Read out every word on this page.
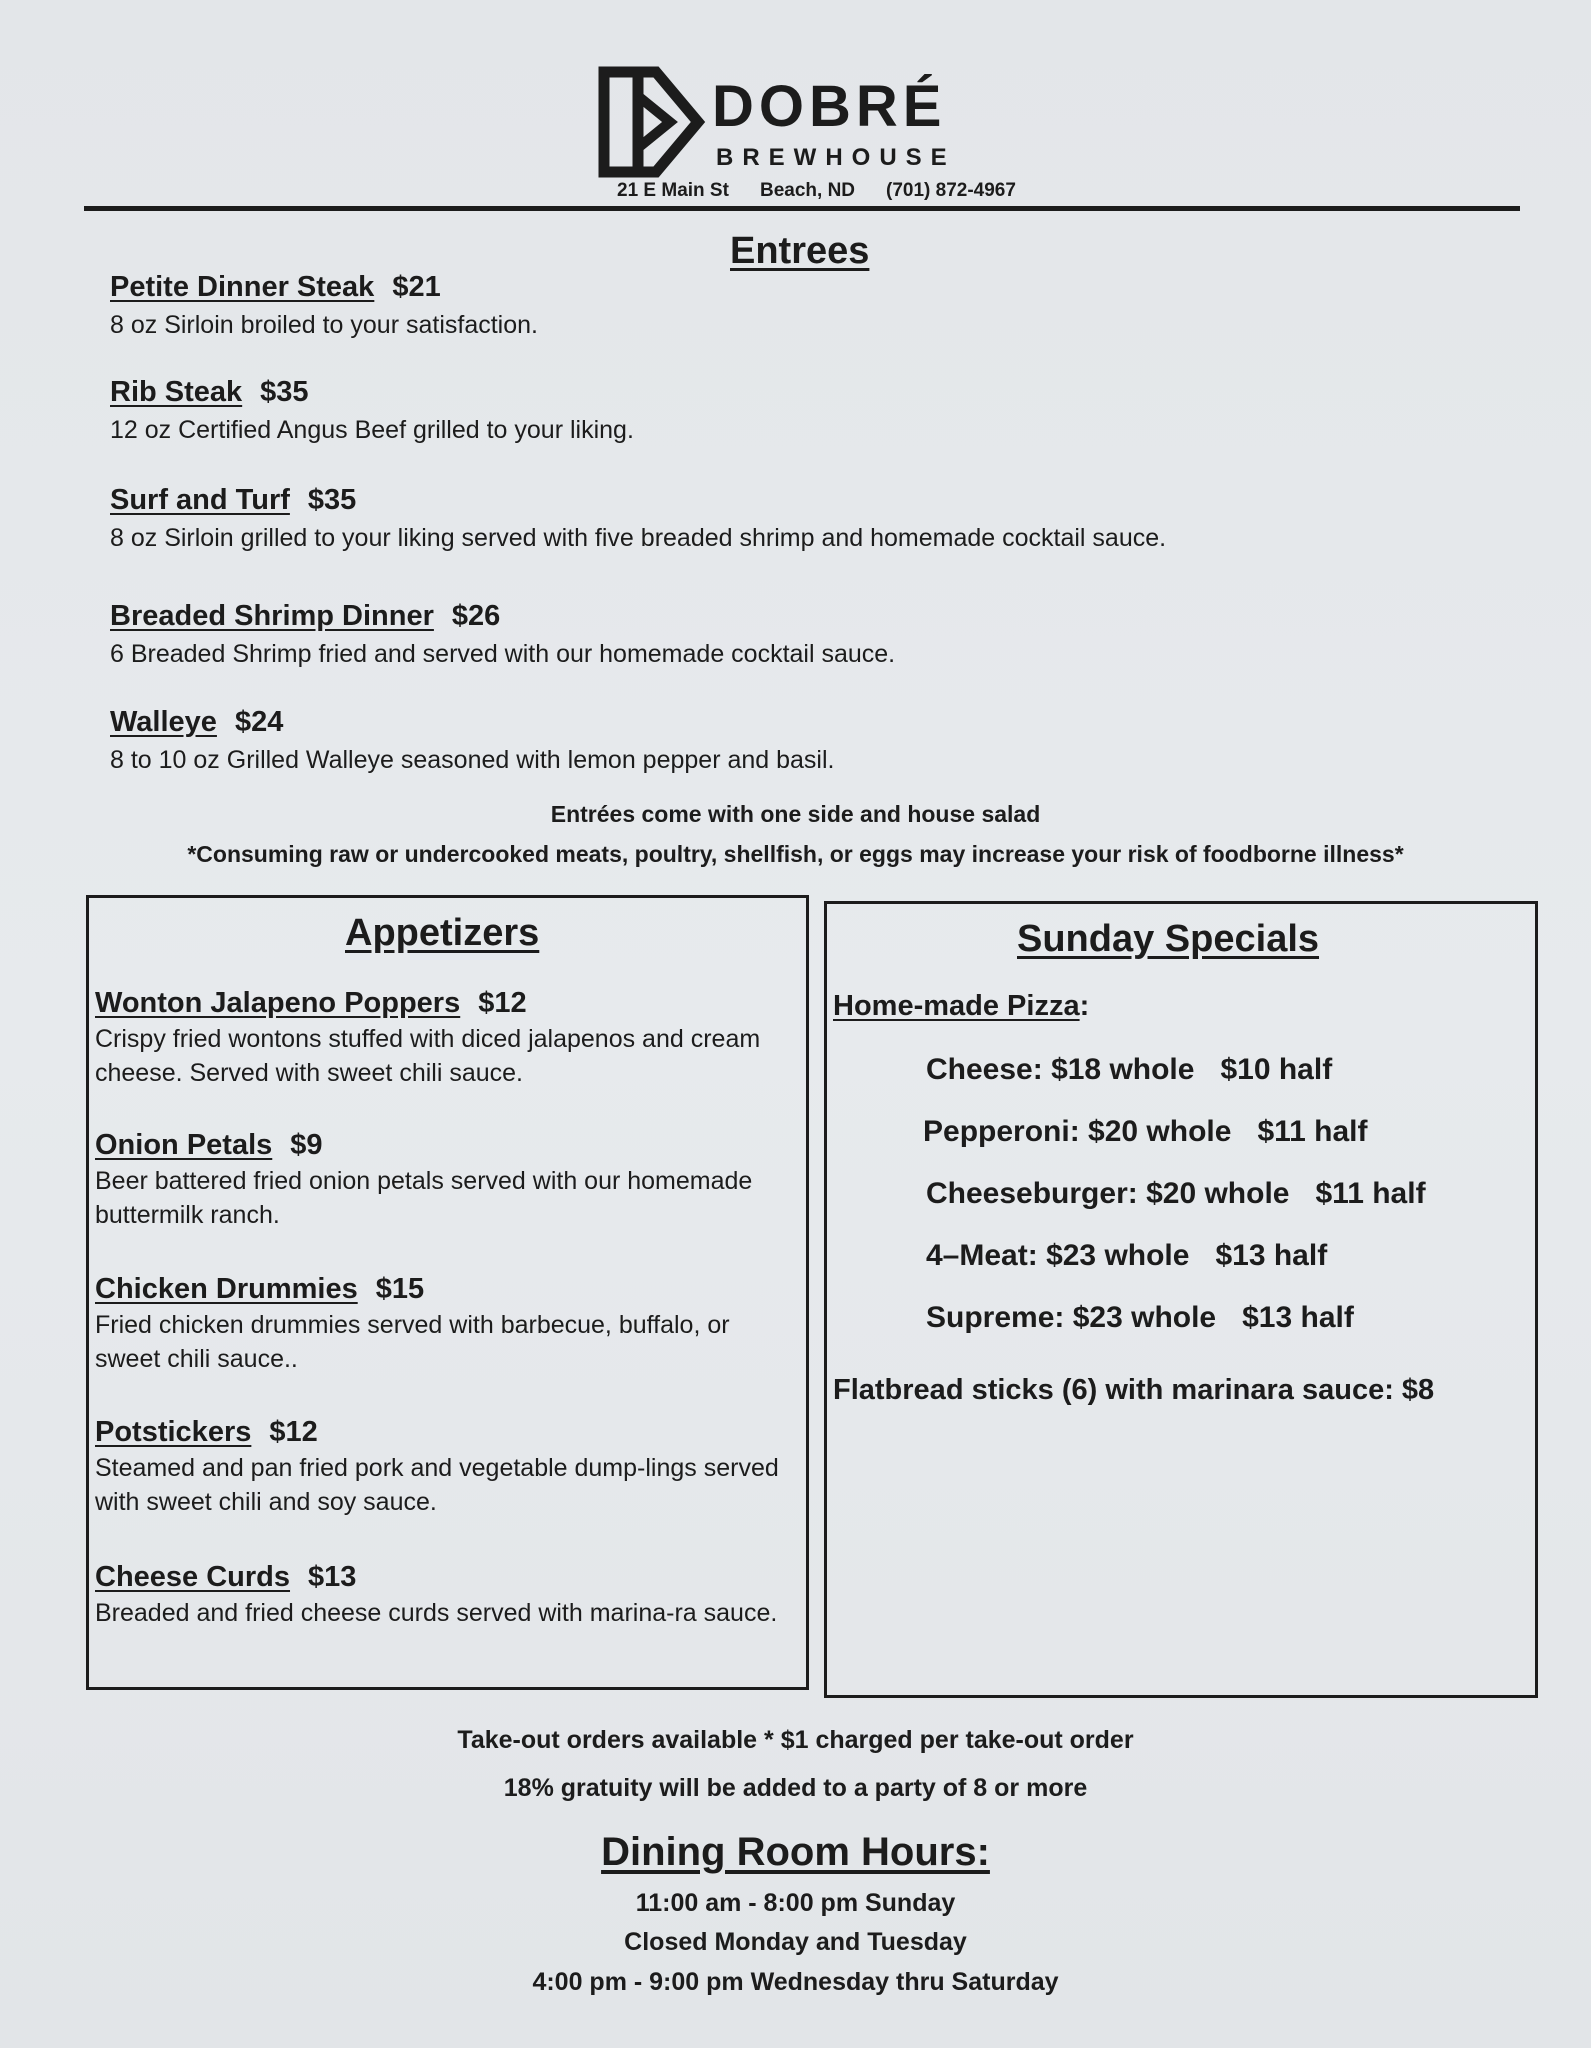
DOBRÉ
BREWHOUSE
21 E Main St Beach, ND (701) 872-4967
Entrees
Petite Dinner Steak $21
8 oz Sirloin broiled to your satisfaction.
Rib Steak $35
12 oz Certified Angus Beef grilled to your liking.
Surf and Turf $35
8 oz Sirloin grilled to your liking served with five breaded shrimp and homemade cocktail sauce.
Breaded Shrimp Dinner $26
6 Breaded Shrimp fried and served with our homemade cocktail sauce.
Walleye $24
8 to 10 oz Grilled Walleye seasoned with lemon pepper and basil.
Entrées come with one side and house salad
*Consuming raw or undercooked meats, poultry, shellfish, or eggs may increase your risk of foodborne illness*
Appetizers
Wonton Jalapeno Poppers $12
Crispy fried wontons stuffed with diced jalapenos and cream cheese. Served with sweet chili sauce.
Onion Petals $9
Beer battered fried onion petals served with our homemade buttermilk ranch.
Chicken Drummies $15
Fried chicken drummies served with barbecue, buffalo, or sweet chili sauce..
Potstickers $12
Steamed and pan fried pork and vegetable dump-lings served with sweet chili and soy sauce.
Cheese Curds $13
Breaded and fried cheese curds served with marina-ra sauce.
Sunday Specials
Home-made Pizza:
Cheese: $18 whole $10 half
Pepperoni: $20 whole $11 half
Cheeseburger: $20 whole $11 half
4–Meat: $23 whole $13 half
Supreme: $23 whole $13 half
Flatbread sticks (6) with marinara sauce: $8
Take-out orders available * $1 charged per take-out order
18% gratuity will be added to a party of 8 or more
Dining Room Hours:
11:00 am - 8:00 pm Sunday
Closed Monday and Tuesday
4:00 pm - 9:00 pm Wednesday thru Saturday
